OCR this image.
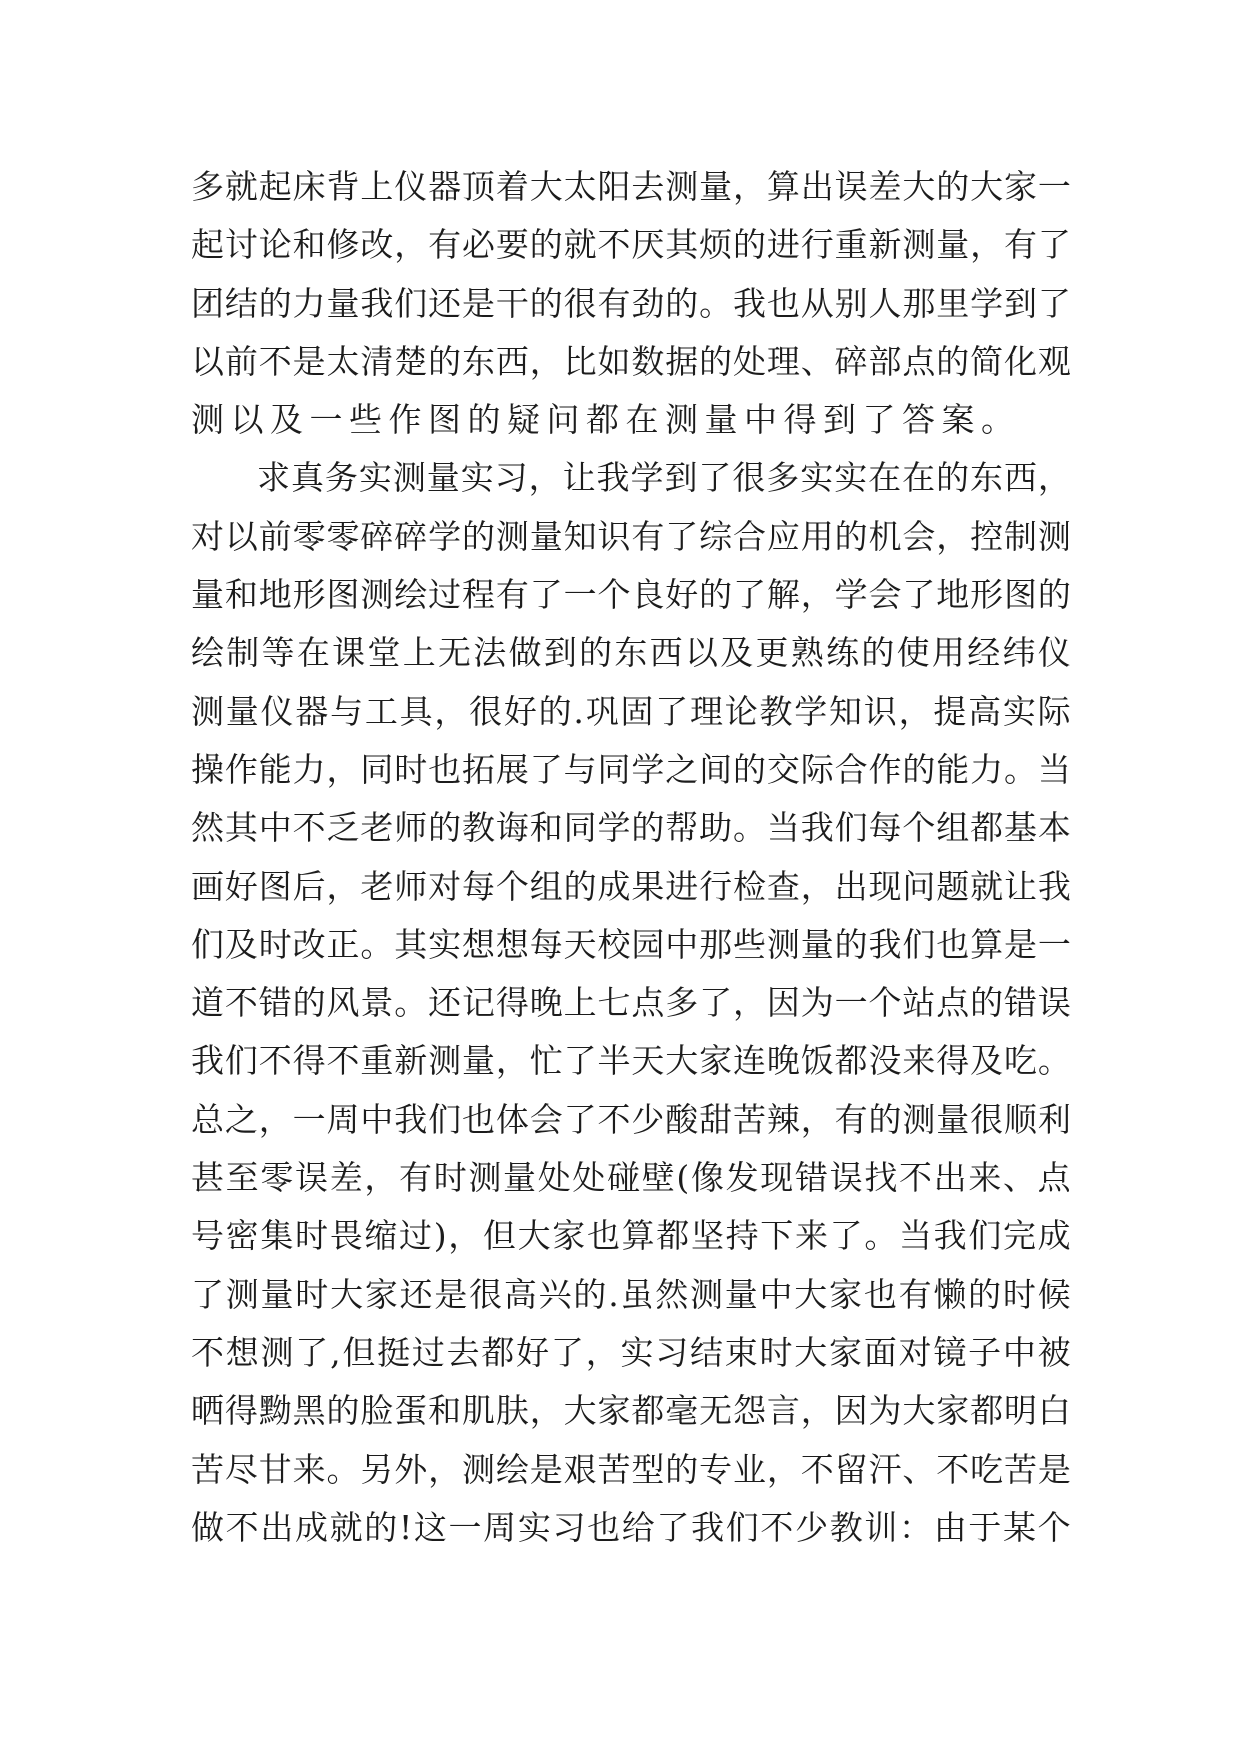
多 就 起 床 背 上 仪 器 顶 着 大 太 阳 去 测 量 ， 算 出 误 差 大 的 大 家 一
起 讨 论 和 修 改 ， 有 必 要 的 就 不 厌 其 烦 的 进 行 重 新 测 量 ， 有 了
团 结 的 力 量 我 们 还 是 干 的 很 有 劲 的 。 我 也 从 别 人 那 里 学 到 了
以 前 不 是 太 清 楚 的 东 西 ， 比 如 数 据 的 处 理 、 碎 部 点 的 简 化 观
测以及一些作图的疑问都在测量中得到了答案。
求 真 务 实 测 量 实 习 ， 让 我 学 到 了 很 多 实 实 在 在 的 东 西 ，
对 以 前 零 零 碎 碎 学 的 测 量 知 识 有 了 综 合 应 用 的 机 会 ， 控 制 测
量 和 地 形 图 测 绘 过 程 有 了 一 个 良 好 的 了 解 ， 学 会 了 地 形 图 的
绘 制 等 在 课 堂 上 无 法 做 到 的 东 西 以 及 更 熟 练 的 使 用 经 纬 仪
测 量 仪 器 与 工 具 ， 很 好 的 . 巩 固 了 理 论 教 学 知 识 ， 提 高 实 际
操 作 能 力 ， 同 时 也 拓 展 了 与 同 学 之 间 的 交 际 合 作 的 能 力 。 当
然 其 中 不 乏 老 师 的 教 诲 和 同 学 的 帮 助 。 当 我 们 每 个 组 都 基 本
画 好 图 后 ， 老 师 对 每 个 组 的 成 果 进 行 检 查 ， 出 现 问 题 就 让 我
们 及 时 改 正 。 其 实 想 想 每 天 校 园 中 那 些 测 量 的 我 们 也 算 是 一
道 不 错 的 风 景 。 还 记 得 晚 上 七 点 多 了 ， 因 为 一 个 站 点 的 错 误
我 们 不 得 不 重 新 测 量 ， 忙 了 半 天 大 家 连 晚 饭 都 没 来 得 及 吃 。
总 之 ， 一 周 中 我 们 也 体 会 了 不 少 酸 甜 苦 辣 ， 有 的 测 量 很 顺 利
甚 至 零 误 差 ， 有 时 测 量 处 处 碰 壁 ( 像 发 现 错 误 找 不 出 来 、 点
号 密 集 时 畏 缩 过 ) ， 但 大 家 也 算 都 坚 持 下 来 了 。 当 我 们 完 成
了 测 量 时 大 家 还 是 很 高 兴 的 . 虽 然 测 量 中 大 家 也 有 懒 的 时 候
不 想 测 了 , 但 挺 过 去 都 好 了 ， 实 习 结 束 时 大 家 面 对 镜 子 中 被
晒 得 黝 黑 的 脸 蛋 和 肌 肤 ， 大 家 都 毫 无 怨 言 ， 因 为 大 家 都 明 白
苦 尽 甘 来 。 另 外 ， 测 绘 是 艰 苦 型 的 专 业 ， 不 留 汗 、 不 吃 苦 是
做 不 出 成 就 的 ! 这 一 周 实 习 也 给 了 我 们 不 少 教 训 ： 由 于 某 个
